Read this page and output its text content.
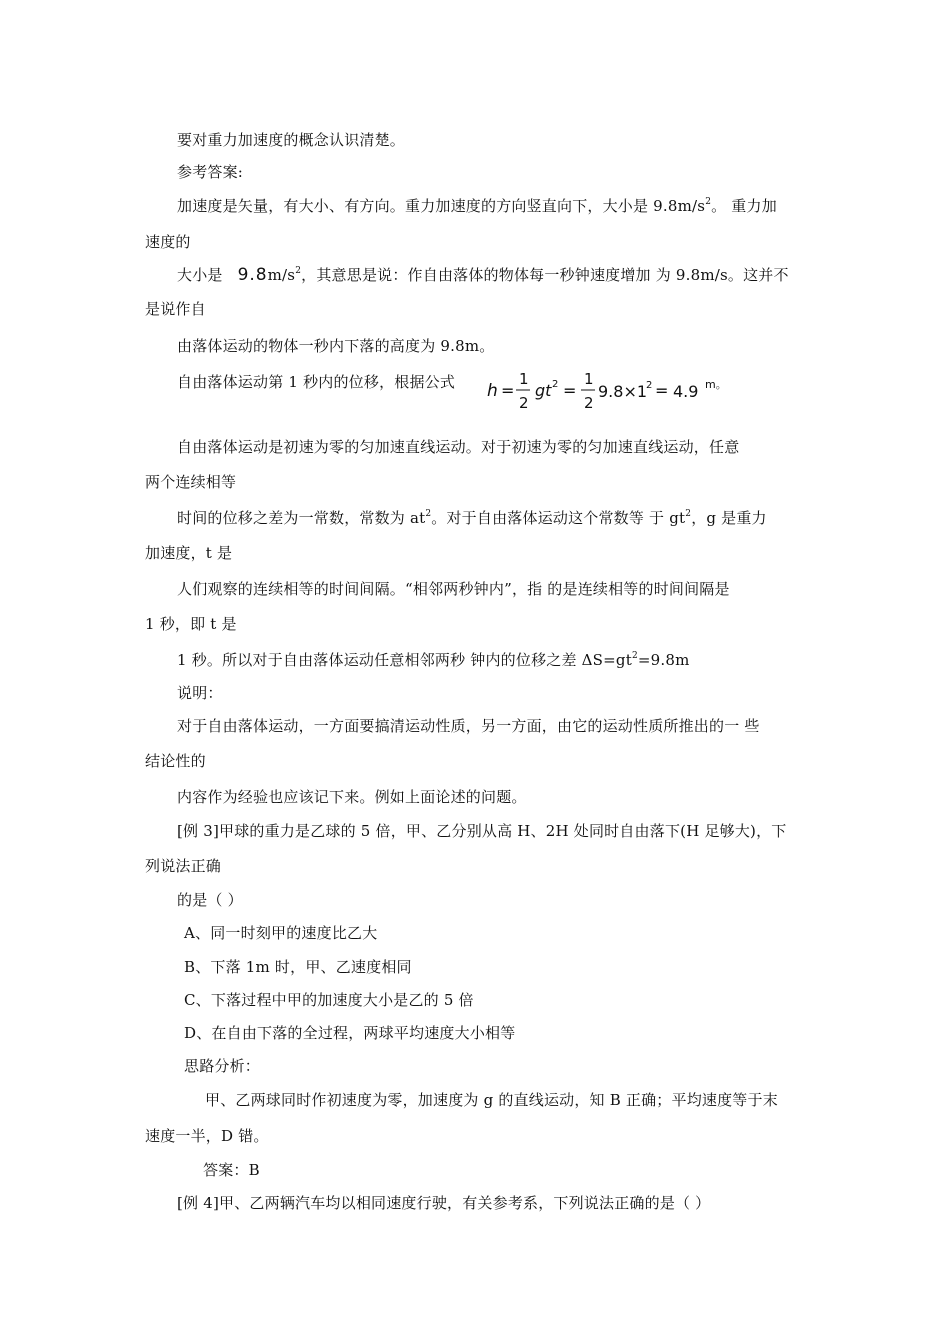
要对重力加速度的概念认识清楚。
参考答案:
加速度是矢量，有大小、有方向。重力加速度的方向竖直向下，大小是 $9.8m/s^2$。 重力加
速度的
大小是 $9.8m/s^2$，其意思是说：作自由落体的物体每一秒钟速度增加 为 9.8m/s。这并不
是说作自
由落体运动的物体一秒内下落的高度为 9.8m。
自由落体运动第 1 秒内的位移，根据公式 h =
1
2
gt 2 =
1
2
9.8×1
2 = 4.9 m。
自由落体运动是初速为零的匀加速直线运动。对于初速为零的匀加速直线运动，任意
两个连续相等
时间的位移之差为一常数，常数为 $at^2$。对于自由落体运动这个常数等 于 $gt^2$，g 是重力
加速度，t 是
人们观察的连续相等的时间间隔。“相邻两秒钟内”，指 的是连续相等的时间间隔是
1 秒，即 t 是
1 秒。所以对于自由落体运动任意相邻两秒 钟内的位移之差 $\Delta S=gt^2=9.8m$
说明：
对于自由落体运动，一方面要搞清运动性质，另一方面，由它的运动性质所推出的一 些
结论性的
内容作为经验也应该记下来。例如上面论述的问题。
[例 3]甲球的重力是乙球的 5 倍，甲、乙分别从高 H、2H 处同时自由落下(H 足够大)，下
列说法正确
的是（ ）
A、同一时刻甲的速度比乙大
B、下落 1m 时，甲、乙速度相同
C、下落过程中甲的加速度大小是乙的 5 倍
D、在自由下落的全过程，两球平均速度大小相等
思路分析：
甲、乙两球同时作初速度为零，加速度为 g 的直线运动，知 B 正确；平均速度等于末
速度一半，D 错。
答案：B
[例 4]甲、乙两辆汽车均以相同速度行驶，有关参考系，下列说法正确的是（ ）
